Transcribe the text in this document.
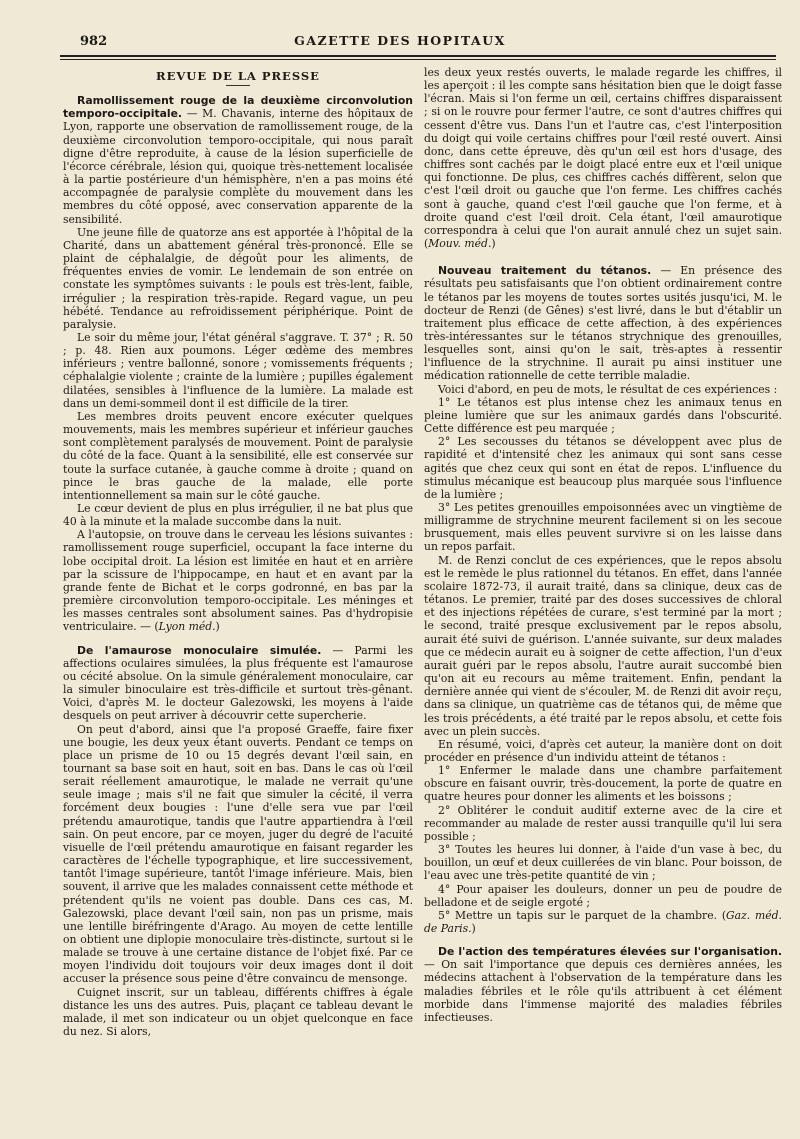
982	GAZETTE DES HOPITAUX
REVUE DE LA PRESSE

Ramollissement rouge de la deuxième circonvolution temporo-occipitale. — M. Chavanis, interne des hôpitaux de Lyon, rapporte une observation de ramollissement rouge, de la deuxième circonvolution temporo-occipitale, qui nous paraît digne d'être reproduite, à cause de la lésion superficielle de l'écorce cérébrale, lésion qui, quoique très-nettement localisée à la partie postérieure d'un hémisphère, n'en a pas moins été accompagnée de paralysie complète du mouvement dans les membres du côté opposé, avec conservation apparente de la sensibilité.

Une jeune fille de quatorze ans est apportée à l'hôpital de la Charité, dans un abattement général très-prononcé. Elle se plaint de céphalalgie, de dégoût pour les aliments, de fréquentes envies de vomir. Le lendemain de son entrée on constate les symptômes suivants : le pouls est très-lent, faible, irrégulier ; la respiration très-rapide. Regard vague, un peu hébété. Tendance au refroidissement périphérique. Point de paralysie.

Le soir du même jour, l'état général s'aggrave. T. 37° ; R. 50 ; p. 48. Rien aux poumons. Léger œdème des membres inférieurs ; ventre ballonné, sonore ; vomissements fréquents ; céphalalgie violente ; crainte de la lumière ; pupilles également dilatées, sensibles à l'influence de la lumière. La malade est dans un demi-sommeil dont il est difficile de la tirer.

Les membres droits peuvent encore exécuter quelques mouvements, mais les membres supérieur et inférieur gauches sont complètement paralysés de mouvement. Point de paralysie du côté de la face. Quant à la sensibilité, elle est conservée sur toute la surface cutanée, à gauche comme à droite ; quand on pince le bras gauche de la malade, elle porte intentionnellement sa main sur le côté gauche.

Le cœur devient de plus en plus irrégulier, il ne bat plus que 40 à la minute et la malade succombe dans la nuit.

A l'autopsie, on trouve dans le cerveau les lésions suivantes : ramollissement rouge superficiel, occupant la face interne du lobe occipital droit. La lésion est limitée en haut et en arrière par la scissure de l'hippocampe, en haut et en avant par la grande fente de Bichat et le corps godronné, en bas par la première circonvolution temporo-occipitale. Les méninges et les masses centrales sont absolument saines. Pas d'hydropisie ventriculaire. — (Lyon méd.)

De l'amaurose monoculaire simulée. — Parmi les affections oculaires simulées, la plus fréquente est l'amaurose ou cécité absolue. On la simule généralement monoculaire, car la simuler binoculaire est très-difficile et surtout très-gênant. Voici, d'après M. le docteur Galezowski, les moyens à l'aide desquels on peut arriver à découvrir cette supercherie.

On peut d'abord, ainsi que l'a proposé Graeffe, faire fixer une bougie, les deux yeux étant ouverts. Pendant ce temps on place un prisme de 10 ou 15 degrés devant l'œil sain, en tournant sa base soit en haut, soit en bas. Dans le cas où l'œil serait réellement amaurotique, le malade ne verrait qu'une seule image ; mais s'il ne fait que simuler la cécité, il verra forcément deux bougies : l'une d'elle sera vue par l'œil prétendu amaurotique, tandis que l'autre appartiendra à l'œil sain. On peut encore, par ce moyen, juger du degré de l'acuité visuelle de l'œil prétendu amaurotique en faisant regarder les caractères de l'échelle typographique, et lire successivement, tantôt l'image supérieure, tantôt l'image inférieure. Mais, bien souvent, il arrive que les malades connaissent cette méthode et prétendent qu'ils ne voient pas double. Dans ces cas, M. Galezowski, place devant l'œil sain, non pas un prisme, mais une lentille biréfringente d'Arago. Au moyen de cette lentille on obtient une diplopie monoculaire très-distincte, surtout si le malade se trouve à une certaine distance de l'objet fixé. Par ce moyen l'individu doit toujours voir deux images dont il doit accuser la présence sous peine d'être convaincu de mensonge.

Cuignet inscrit, sur un tableau, différents chiffres à égale distance les uns des autres. Puis, plaçant ce tableau devant le malade, il met son indicateur ou un objet quelconque en face du nez. Si alors,

les deux yeux restés ouverts, le malade regarde les chiffres, il les aperçoit : il les compte sans hésitation bien que le doigt fasse l'écran. Mais si l'on ferme un œil, certains chiffres disparaissent ; si on le rouvre pour fermer l'autre, ce sont d'autres chiffres qui cessent d'être vus. Dans l'un et l'autre cas, c'est l'interposition du doigt qui voile certains chiffres pour l'œil resté ouvert. Ainsi donc, dans cette épreuve, dès qu'un œil est hors d'usage, des chiffres sont cachés par le doigt placé entre eux et l'œil unique qui fonctionne. De plus, ces chiffres cachés diffèrent, selon que c'est l'œil droit ou gauche que l'on ferme. Les chiffres cachés sont à gauche, quand c'est l'œil gauche que l'on ferme, et à droite quand c'est l'œil droit. Cela étant, l'œil amaurotique correspondra à celui que l'on aurait annulé chez un sujet sain. (Mouv. méd.)

Nouveau traitement du tétanos. — En présence des résultats peu satisfaisants que l'on obtient ordinairement contre le tétanos par les moyens de toutes sortes usités jusqu'ici, M. le docteur de Renzi (de Gênes) s'est livré, dans le but d'établir un traitement plus efficace de cette affection, à des expériences très-intéressantes sur le tétanos strychnique des grenouilles, lesquelles sont, ainsi qu'on le sait, très-aptes à ressentir l'influence de la strychnine. Il aurait pu ainsi instituer une médication rationnelle de cette terrible maladie.

Voici d'abord, en peu de mots, le résultat de ces expériences :

1° Le tétanos est plus intense chez les animaux tenus en pleine lumière que sur les animaux gardés dans l'obscurité. Cette différence est peu marquée ;

2° Les secousses du tétanos se développent avec plus de rapidité et d'intensité chez les animaux qui sont sans cesse agités que chez ceux qui sont en état de repos. L'influence du stimulus mécanique est beaucoup plus marquée sous l'influence de la lumière ;

3° Les petites grenouilles empoisonnées avec un vingtième de milligramme de strychnine meurent facilement si on les secoue brusquement, mais elles peuvent survivre si on les laisse dans un repos parfait.

M. de Renzi conclut de ces expériences, que le repos absolu est le remède le plus rationnel du tétanos. En effet, dans l'année scolaire 1872-73, il aurait traité, dans sa clinique, deux cas de tétanos. Le premier, traité par des doses successives de chloral et des injections répétées de curare, s'est terminé par la mort ; le second, traité presque exclusivement par le repos absolu, aurait été suivi de guérison. L'année suivante, sur deux malades que ce médecin aurait eu à soigner de cette affection, l'un d'eux aurait guéri par le repos absolu, l'autre aurait succombé bien qu'on ait eu recours au même traitement. Enfin, pendant la dernière année qui vient de s'écouler, M. de Renzi dit avoir reçu, dans sa clinique, un quatrième cas de tétanos qui, de même que les trois précédents, a été traité par le repos absolu, et cette fois avec un plein succès.

En résumé, voici, d'après cet auteur, la manière dont on doit procéder en présence d'un individu atteint de tétanos :

1° Enfermer le malade dans une chambre parfaitement obscure en faisant ouvrir, très-doucement, la porte de quatre en quatre heures pour donner les aliments et les boissons ;

2° Oblitérer le conduit auditif externe avec de la cire et recommander au malade de rester aussi tranquille qu'il lui sera possible ;

3° Toutes les heures lui donner, à l'aide d'un vase à bec, du bouillon, un œuf et deux cuillerées de vin blanc. Pour boisson, de l'eau avec une très-petite quantité de vin ;

4° Pour apaiser les douleurs, donner un peu de poudre de belladone et de seigle ergoté ;

5° Mettre un tapis sur le parquet de la chambre. (Gaz. méd. de Paris.)

De l'action des températures élevées sur l'organisation. — On sait l'importance que depuis ces dernières années, les médecins attachent à l'observation de la température dans les maladies fébriles et le rôle qu'ils attribuent à cet élément morbide dans l'immense majorité des maladies fébriles infectieuses.
